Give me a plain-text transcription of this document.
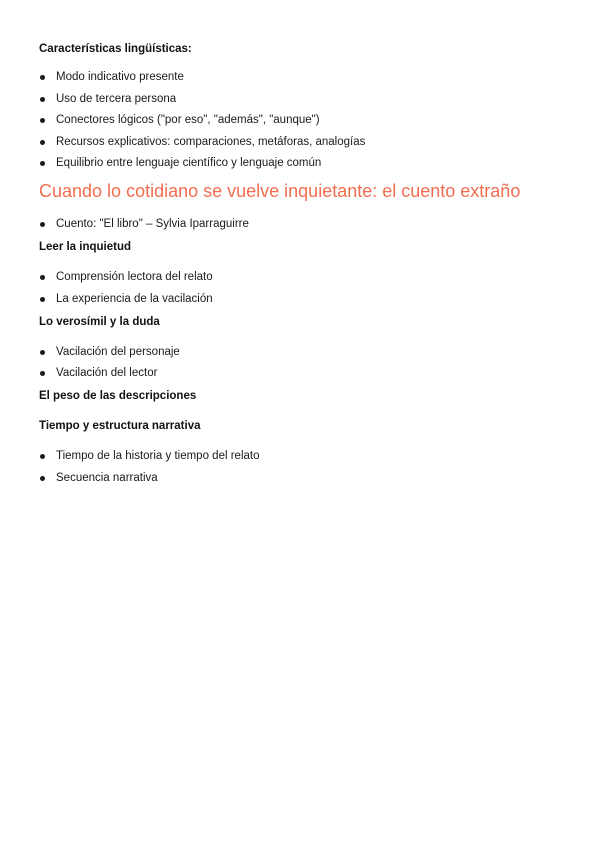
Características lingüísticas:

Modo indicativo presente
Uso de tercera persona
Conectores lógicos ("por eso", "además", "aunque")
Recursos explicativos: comparaciones, metáforas, analogías
Equilibrio entre lenguaje científico y lenguaje común
Cuando lo cotidiano se vuelve inquietante: el cuento extraño
Cuento: "El libro" – Sylvia Iparraguirre

Leer la inquietud

Comprensión lectora del relato
La experiencia de la vacilación

Lo verosímil y la duda

Vacilación del personaje
Vacilación del lector

El peso de las descripciones

Tiempo y estructura narrativa

Tiempo de la historia y tiempo del relato
Secuencia narrativa
